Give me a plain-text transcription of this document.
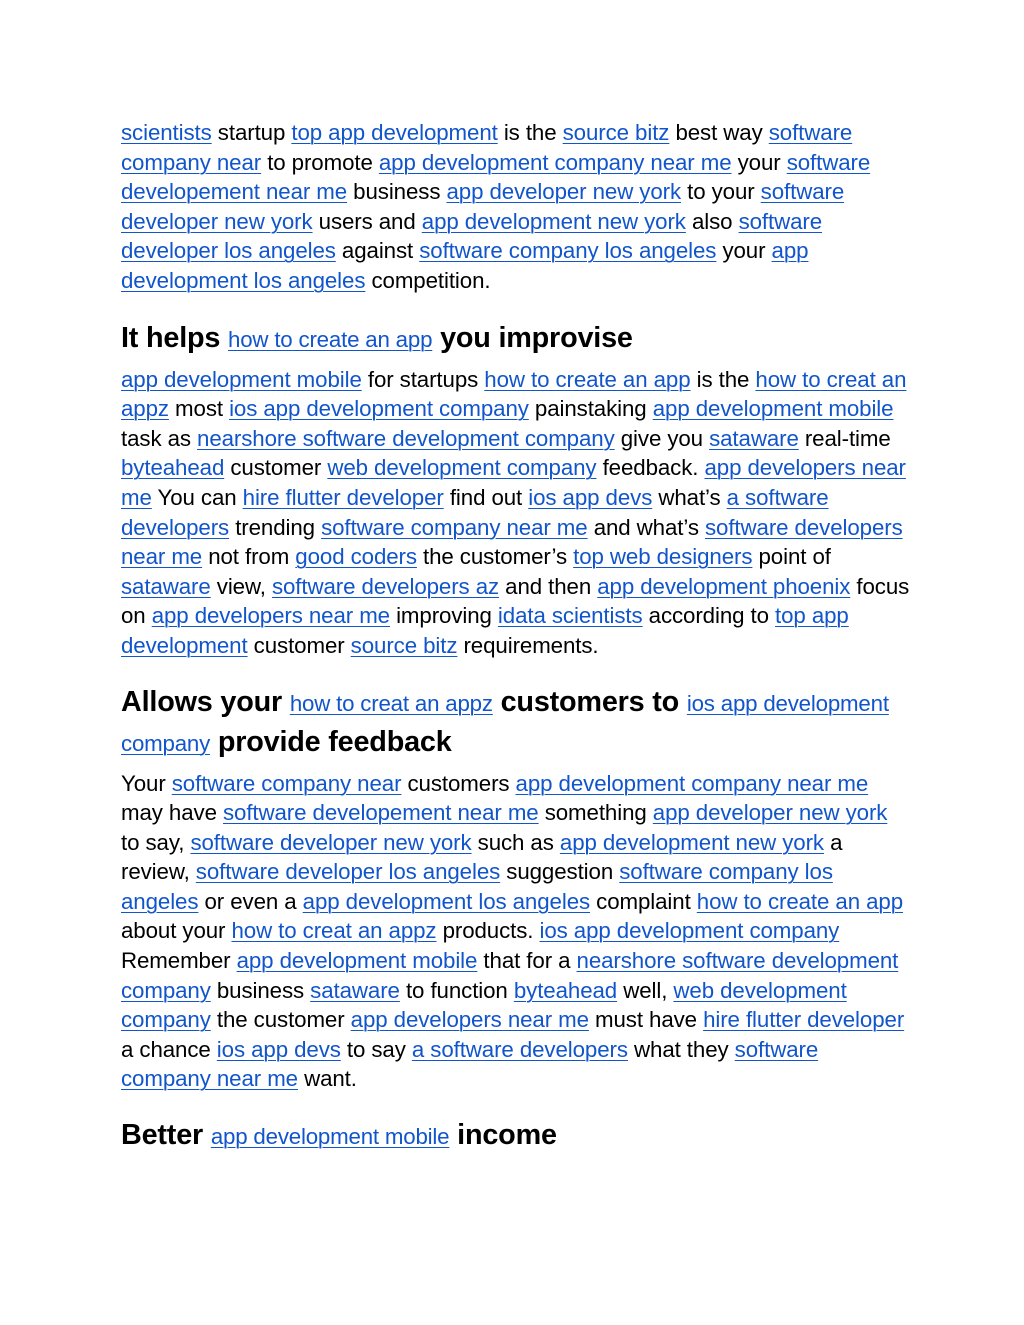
scientists startup top app development is the source bitz best way software company near to promote app development company near me your software developement near me business app developer new york to your software developer new york users and app development new york also software developer los angeles against software company los angeles your app development los angeles competition.

It helps how to create an app you improvise

app development mobile for startups how to create an app is the how to creat an appz most ios app development company painstaking app development mobile task as nearshore software development company give you sataware real-time byteahead customer web development company feedback. app developers near me You can hire flutter developer find out ios app devs what’s a software developers trending software company near me and what’s software developers near me not from good coders the customer’s top web designers point of sataware view, software developers az and then app development phoenix focus on app developers near me improving idata scientists according to top app development customer source bitz requirements.

Allows your how to creat an appz customers to ios app development company provide feedback

Your software company near customers app development company near me may have software developement near me something app developer new york to say, software developer new york such as app development new york a review, software developer los angeles suggestion software company los angeles or even a app development los angeles complaint how to create an app about your how to creat an appz products. ios app development company Remember app development mobile that for a nearshore software development company business sataware to function byteahead well, web development company the customer app developers near me must have hire flutter developer a chance ios app devs to say a software developers what they software company near me want.

Better app development mobile income
